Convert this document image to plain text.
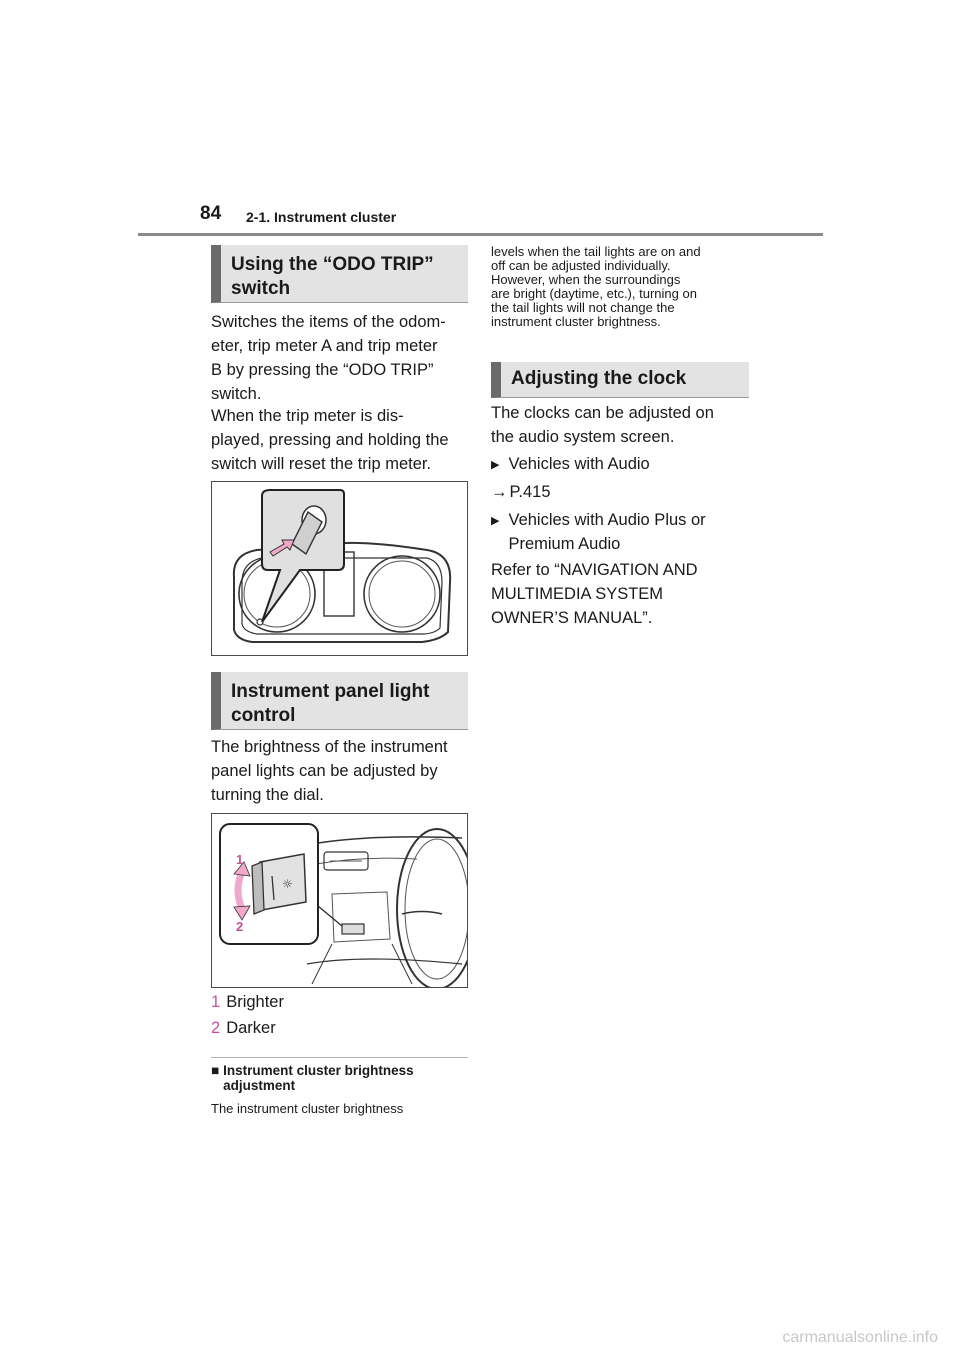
84 2-1. Instrument cluster
Using the “ODO TRIP”
switch
Switches the items of the odom-
eter, trip meter A and trip meter
B by pressing the “ODO TRIP”
switch.
When the trip meter is dis-
played, pressing and holding the
switch will reset the trip meter.
Instrument panel light
control
The brightness of the instrument
panel lights can be adjusted by
turning the dial.
☼
1
2
1 Brighter
2 Darker
■ Instrument cluster brightness
adjustment
The instrument cluster brightness
levels when the tail lights are on and
off can be adjusted individually.
However, when the surroundings
are bright (daytime, etc.), turning on
the tail lights will not change the
instrument cluster brightness.
Adjusting the clock
The clocks can be adjusted on
the audio system screen.
▶ Vehicles with Audio
→ P.415
▶ Vehicles with Audio Plus or
Premium Audio
Refer to “NAVIGATION AND
MULTIMEDIA SYSTEM
OWNER’S MANUAL”.
carmanualsonline.info
